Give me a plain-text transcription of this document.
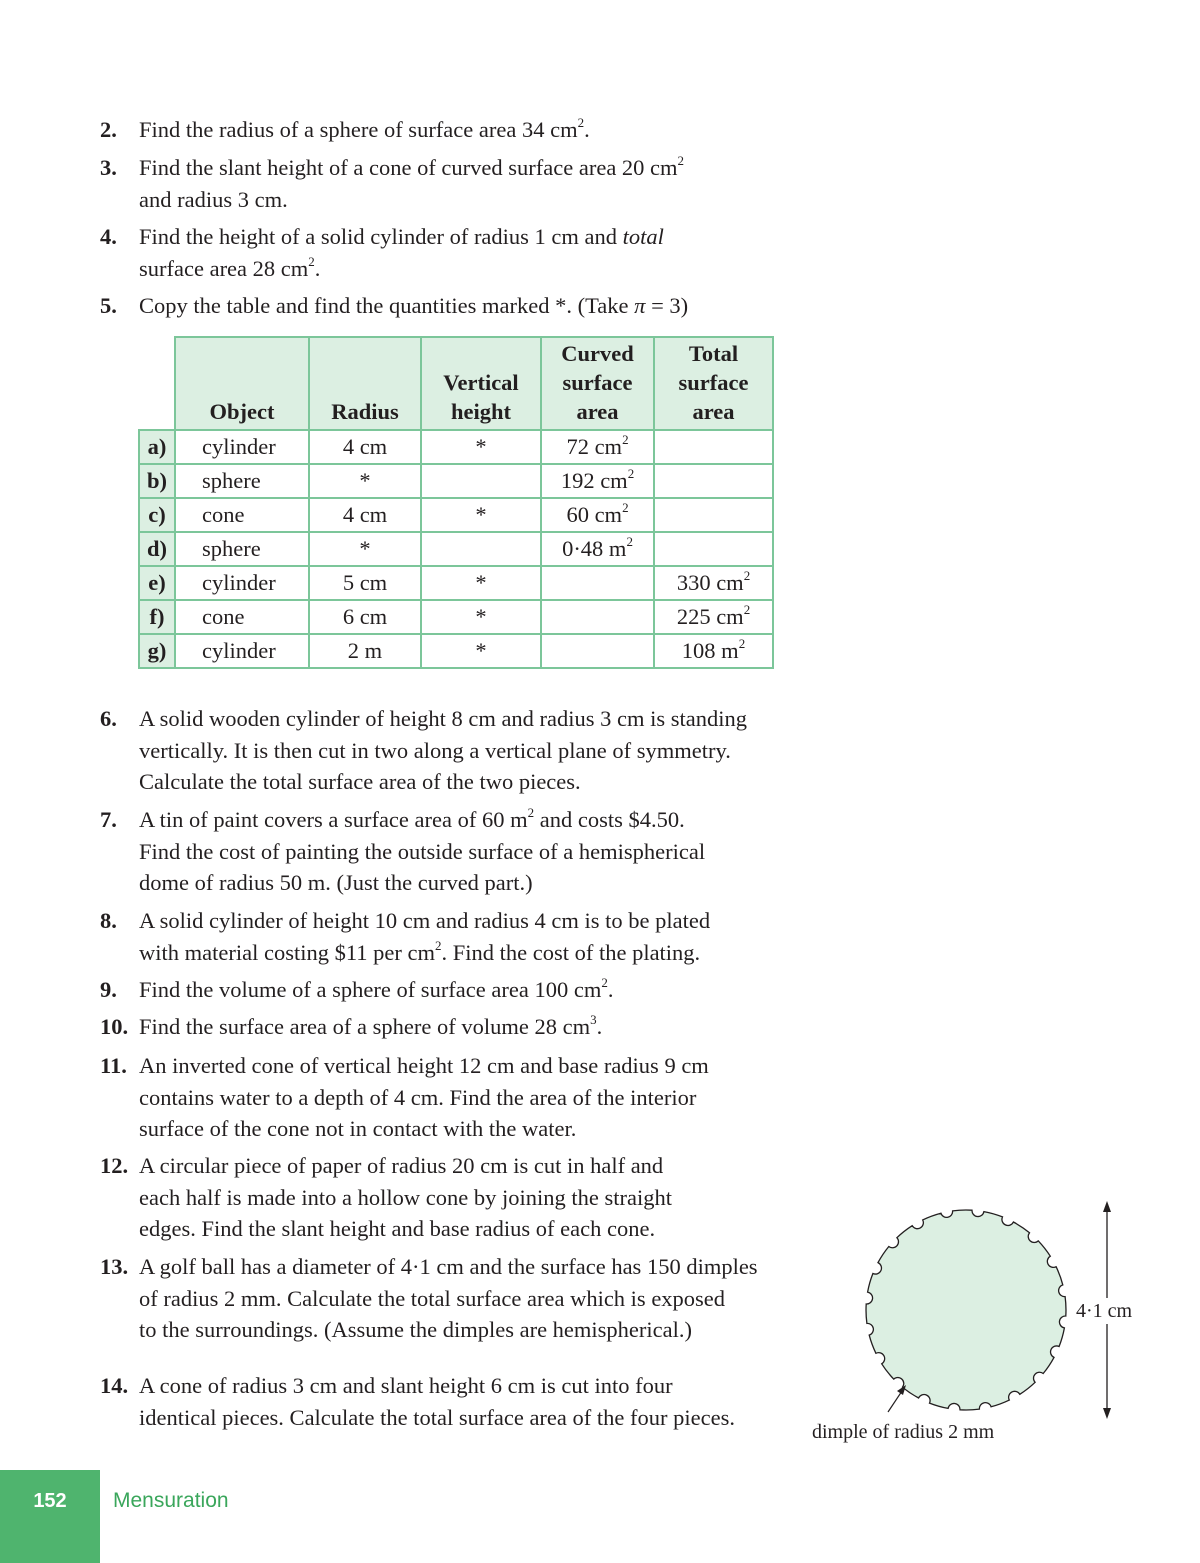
2. Find the radius of a sphere of surface area 34 $cm^2$.
3. Find the slant height of a cone of curved surface area 20 $cm^2$
and radius 3 cm.
4. Find the height of a solid cylinder of radius 1 cm and total
surface area 28 $cm^2$.
5. Copy the table and find the quantities marked *. (Take π = 3)
	Object	Radius	Vertical height	Curved surface area	Total surface area
a)	cylinder	4 cm	*	72 $cm^2$	
b)	sphere	*		192 $cm^2$	
c)	cone	4 cm	*	60 $cm^2$	
d)	sphere	*		0·48 $m^2$	
e)	cylinder	5 cm	*		330 $cm^2$
f)	cone	6 cm	*		225 $cm^2$
g)	cylinder	2 m	*		108 $m^2$
6. A solid wooden cylinder of height 8 cm and radius 3 cm is standing
vertically. It is then cut in two along a vertical plane of symmetry.
Calculate the total surface area of the two pieces.
7. A tin of paint covers a surface area of 60 $m^2$ and costs $4.50.
Find the cost of painting the outside surface of a hemispherical
dome of radius 50 m. (Just the curved part.)
8. A solid cylinder of height 10 cm and radius 4 cm is to be plated
with material costing $11 per $cm^2$. Find the cost of the plating.
9. Find the volume of a sphere of surface area 100 $cm^2$.
10. Find the surface area of a sphere of volume 28 $cm^3$.
11. An inverted cone of vertical height 12 cm and base radius 9 cm
contains water to a depth of 4 cm. Find the area of the interior
surface of the cone not in contact with the water.
12. A circular piece of paper of radius 20 cm is cut in half and
each half is made into a hollow cone by joining the straight
edges. Find the slant height and base radius of each cone.
13. A golf ball has a diameter of 4·1 cm and the surface has 150 dimples
of radius 2 mm. Calculate the total surface area which is exposed
to the surroundings. (Assume the dimples are hemispherical.)
14. A cone of radius 3 cm and slant height 6 cm is cut into four
identical pieces. Calculate the total surface area of the four pieces.
4·1 cm
dimple of radius 2 mm
152	Mensuration
